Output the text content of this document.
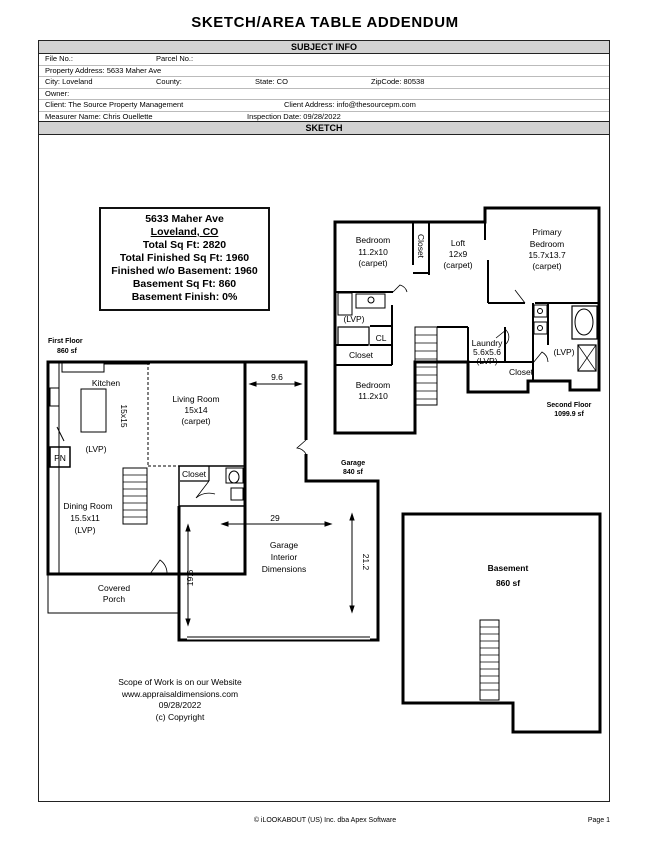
SKETCH/AREA TABLE ADDENDUM
SUBJECT INFO
File No.:	Parcel No.:
Property Address: 5633 Maher Ave
City: Loveland	County:	State: CO	ZipCode: 80538
Owner:
Client: The Source Property Management	Client Address: info@thesourcepm.com
Measurer Name: Chris Ouellette	Inspection Date: 09/28/2022
SKETCH
5633 Maher Ave
Loveland, CO
Total Sq Ft: 2820
Total Finished Sq Ft: 1960
Finished w/o Basement: 1960
Basement Sq Ft: 860
Basement Finish: 0%
First Floor
860 sf
Kitchen
15x15
(LVP)
PN
Living Room
15x14
(carpet)
Closet
Dining Room
15.5x11
(LVP)
Covered
Porch
9.6
Garage
840 sf
29
Garage
Interior
Dimensions	21.2
19.6
Bedroom
11.2x10
(carpet)
Closet	Loft
12x9
(carpet)
Primary
Bedroom
15.7x13.7
(carpet)
(LVP)
CL
Closet
Bedroom
11.2x10
Laundry
5.6x5.6
(LVP)
Closet
(LVP)
Second Floor
1099.9 sf
Basement
860 sf
Scope of Work is on our Website
www.appraisaldimensions.com
09/28/2022
(c) Copyright
© iLOOKABOUT (US) Inc. dba Apex Software	Page 1
